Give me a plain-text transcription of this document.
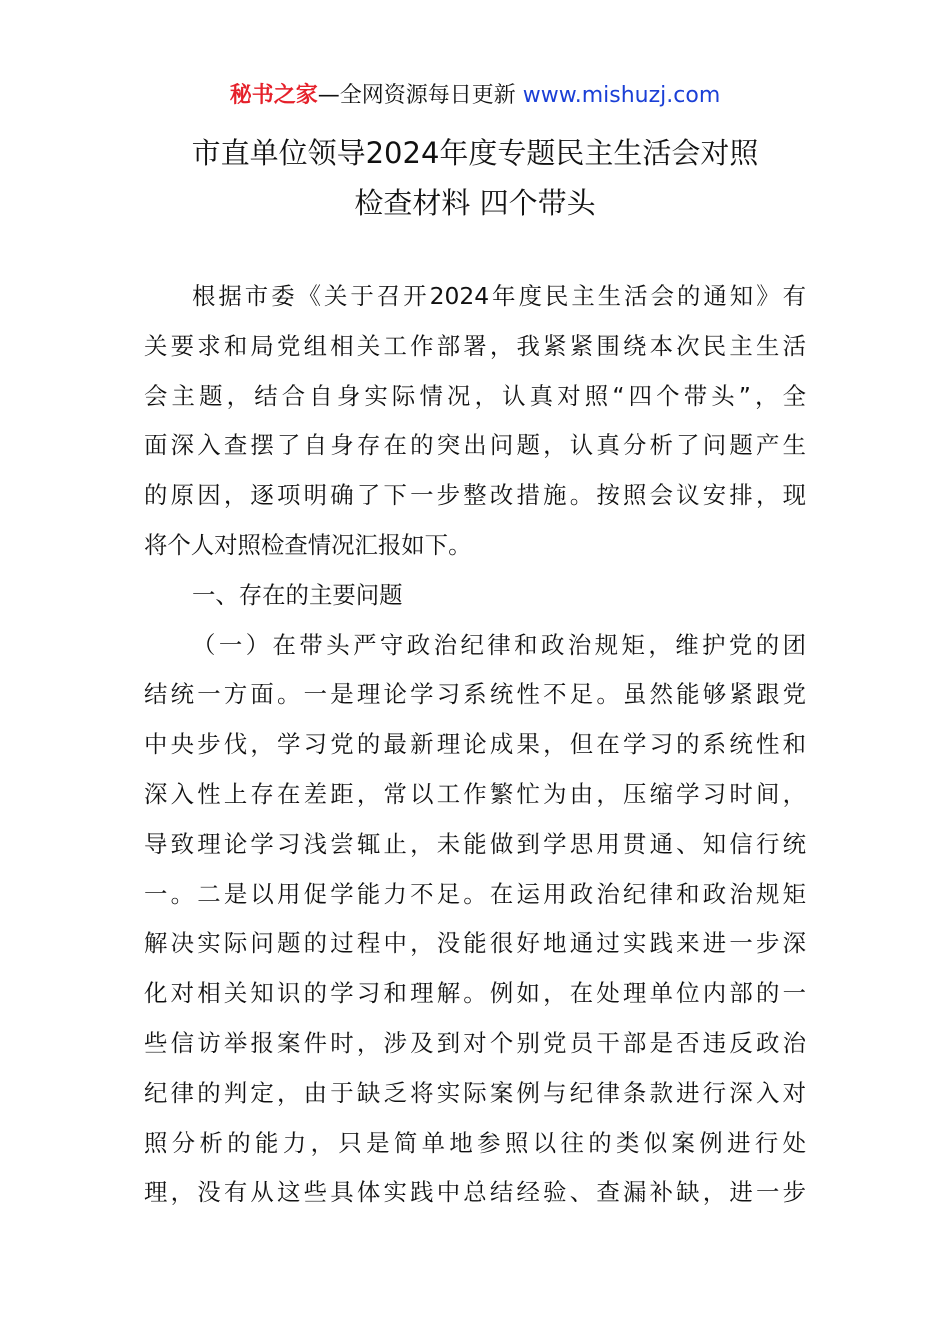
秘书之家—全网资源每日更新 www.mishuzj.com
市直单位领导2024年度专题民主生活会对照
检查材料 四个带头
根据市委《关于召开2024年度民主生活会的通知》有
关要求和局党组相关工作部署，我紧紧围绕本次民主生活
会主题，结合自身实际情况，认真对照“四个带头”，全
面深入查摆了自身存在的突出问题，认真分析了问题产生
的原因，逐项明确了下一步整改措施。按照会议安排，现
将个人对照检查情况汇报如下。
一、存在的主要问题
（一）在带头严守政治纪律和政治规矩，维护党的团
结统一方面。一是理论学习系统性不足。虽然能够紧跟党
中央步伐，学习党的最新理论成果，但在学习的系统性和
深入性上存在差距，常以工作繁忙为由，压缩学习时间，
导致理论学习浅尝辄止，未能做到学思用贯通、知信行统
一。二是以用促学能力不足。在运用政治纪律和政治规矩
解决实际问题的过程中，没能很好地通过实践来进一步深
化对相关知识的学习和理解。例如，在处理单位内部的一
些信访举报案件时，涉及到对个别党员干部是否违反政治
纪律的判定，由于缺乏将实际案例与纪律条款进行深入对
照分析的能力，只是简单地参照以往的类似案例进行处
理，没有从这些具体实践中总结经验、查漏补缺，进一步
